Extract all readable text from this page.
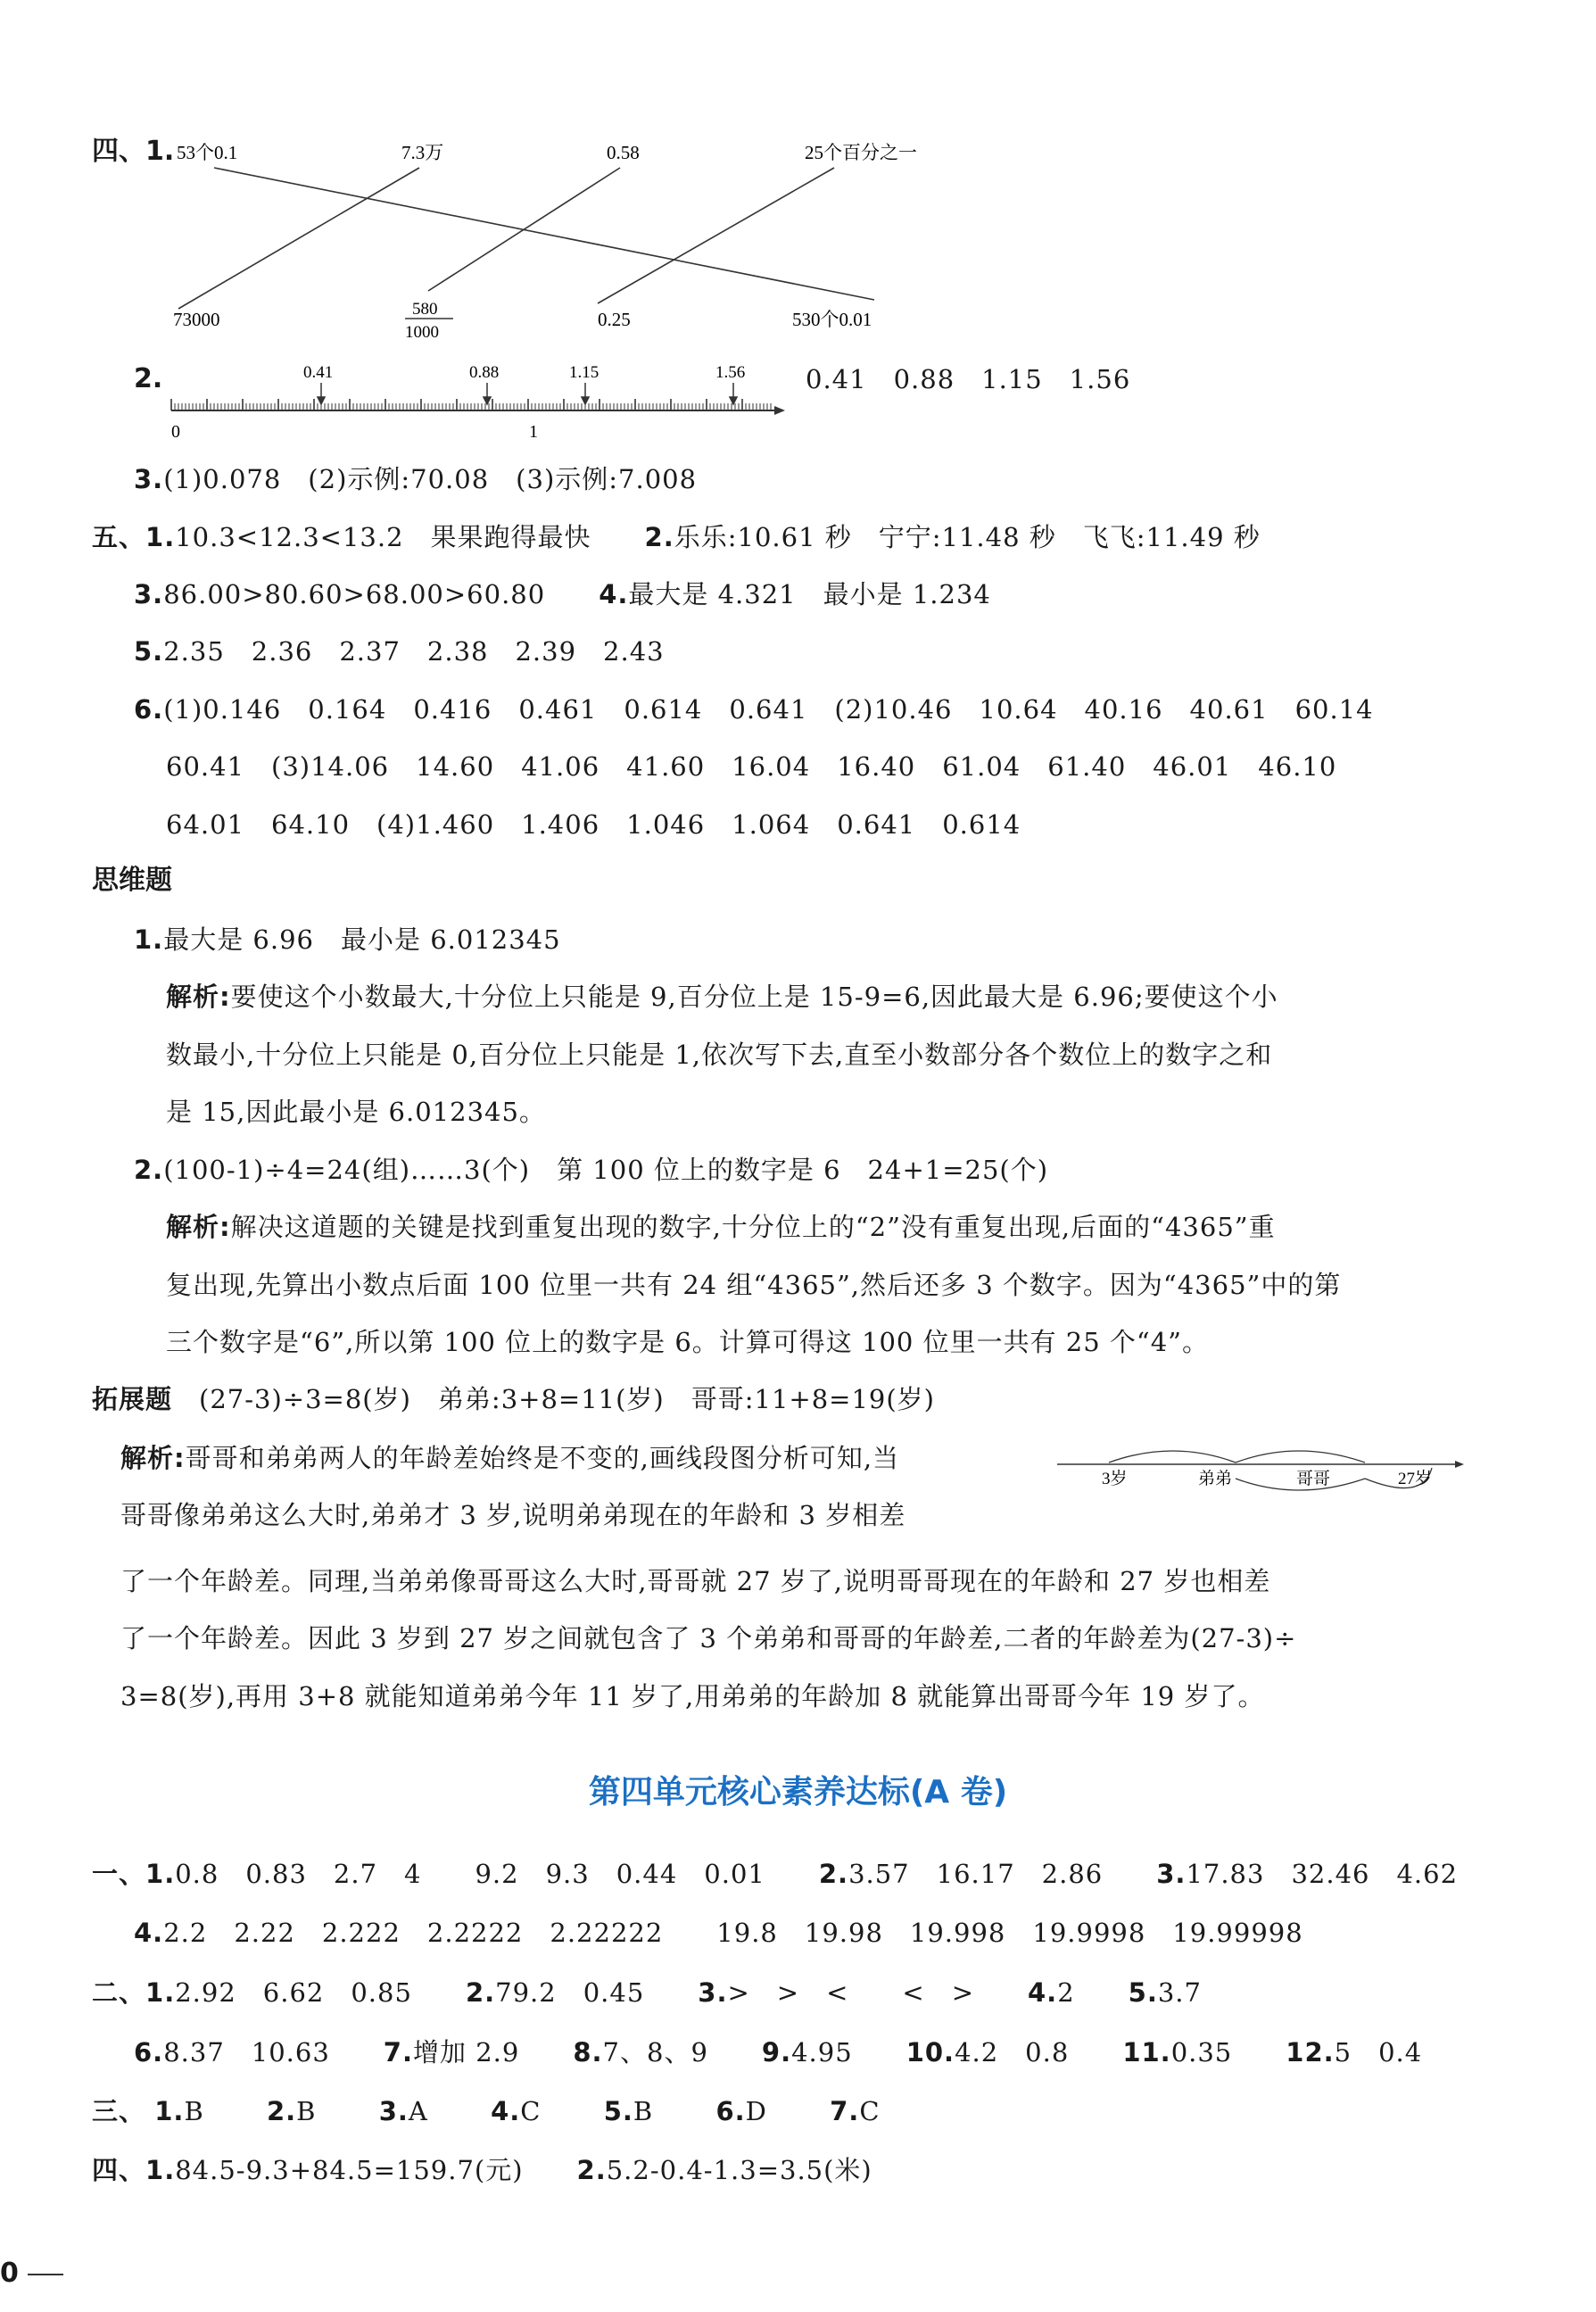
四、1. 53个0.1	7.3万	0.58	25个百分之一
73000	580
1000
0.25	530个0.01
2.	0.41	0.88	1.15	1.56
0	1
0.41　0.88　1.15　1.56
3.(1)0.078　(2)示例:70.08　(3)示例:7.008
五、1.10.3<12.3<13.2　果果跑得最快　　2.乐乐:10.61 秒　宁宁:11.48 秒　飞飞:11.49 秒
3.86.00>80.60>68.00>60.80　　4.最大是 4.321　最小是 1.234
5.2.35　2.36　2.37　2.38　2.39　2.43
6.(1)0.146　0.164　0.416　0.461　0.614　0.641　(2)10.46　10.64　40.16　40.61　60.14
60.41　(3)14.06　14.60　41.06　41.60　16.04　16.40　61.04　61.40　46.01　46.10
64.01　64.10　(4)1.460　1.406　1.046　1.064　0.641　0.614
思维题
1.最大是 6.96　最小是 6.012345
解析:要使这个小数最大,十分位上只能是 9,百分位上是 15-9=6,因此最大是 6.96;要使这个小
数最小,十分位上只能是 0,百分位上只能是 1,依次写下去,直至小数部分各个数位上的数字之和
是 15,因此最小是 6.012345。
2.(100-1)÷4=24(组)……3(个)　第 100 位上的数字是 6　24+1=25(个)
解析:解决这道题的关键是找到重复出现的数字,十分位上的“2”没有重复出现,后面的“4365”重
复出现,先算出小数点后面 100 位里一共有 24 组“4365”,然后还多 3 个数字。因为“4365”中的第
三个数字是“6”,所以第 100 位上的数字是 6。计算可得这 100 位里一共有 25 个“4”。
拓展题　 (27-3)÷3=8(岁)　弟弟:3+8=11(岁)　哥哥:11+8=19(岁)
解析:哥哥和弟弟两人的年龄差始终是不变的,画线段图分析可知,当
哥哥像弟弟这么大时,弟弟才 3 岁,说明弟弟现在的年龄和 3 岁相差
3岁	弟弟	哥哥	27岁
了一个年龄差。同理,当弟弟像哥哥这么大时,哥哥就 27 岁了,说明哥哥现在的年龄和 27 岁也相差
了一个年龄差。因此 3 岁到 27 岁之间就包含了 3 个弟弟和哥哥的年龄差,二者的年龄差为(27-3)÷
3=8(岁),再用 3+8 就能知道弟弟今年 11 岁了,用弟弟的年龄加 8 就能算出哥哥今年 19 岁了。
第四单元核心素养达标(A 卷)
一、1.0.8　0.83　2.7　4　　9.2　9.3　0.44　0.01　　2.3.57　16.17　2.86　　3.17.83　32.46　4.62
4.2.2　2.22　2.222　2.2222　2.22222　　19.8　19.98　19.998　19.9998　19.99998
二、1.2.92　6.62　0.85　　2.79.2　0.45　　3.>　>　<　　<　>　　4.2　　5.3.7
6.8.37　10.63　　7.增加 2.9　　8.7、8、9　　9.4.95　　10.4.2　0.8　　11.0.35　　12.5　0.4
三、 1.B　　 2.B　　 3.A　　 4.C　　 5.B　　 6.D　　 7.C
四、1.84.5-9.3+84.5=159.7(元)　　2.5.2-0.4-1.3=3.5(米)
0
